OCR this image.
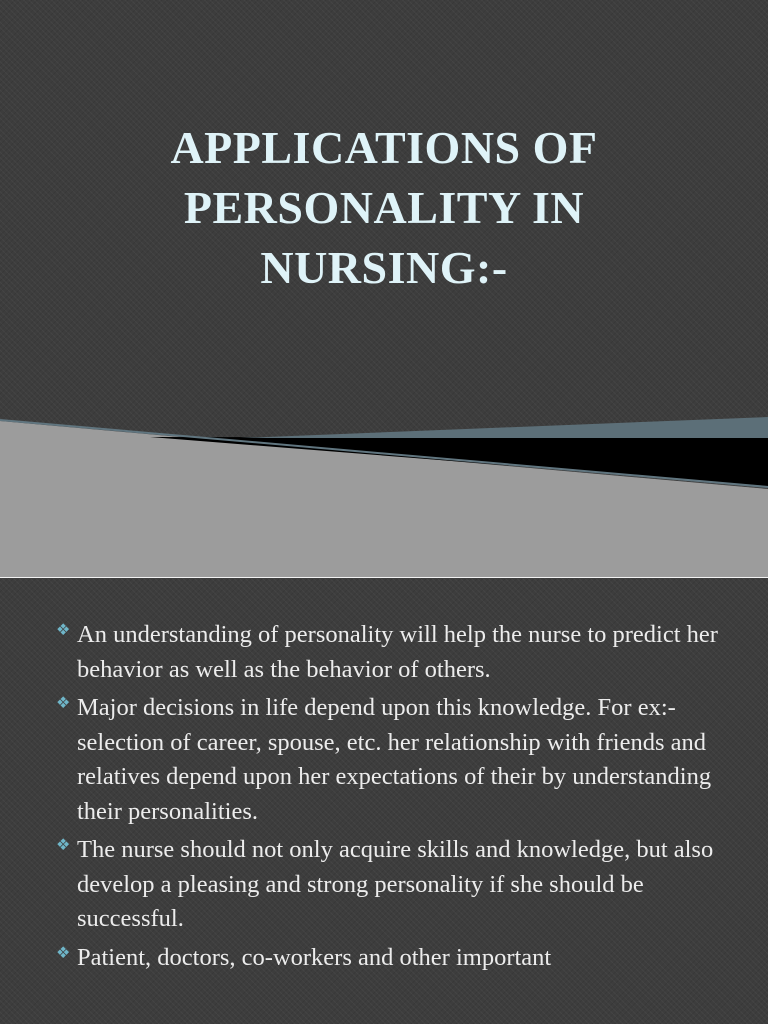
APPLICATIONS OF PERSONALITY IN NURSING:-
❖ An understanding of personality will help the nurse to predict her behavior as well as the behavior of others.
❖ Major decisions in life depend upon this knowledge. For ex:- selection of career, spouse, etc. her relationship with friends and relatives depend upon her expectations of their by understanding their personalities.
❖ The nurse should not only acquire skills and knowledge, but also develop a pleasing and strong personality if she should be successful.
❖ Patient, doctors, co-workers and other important
